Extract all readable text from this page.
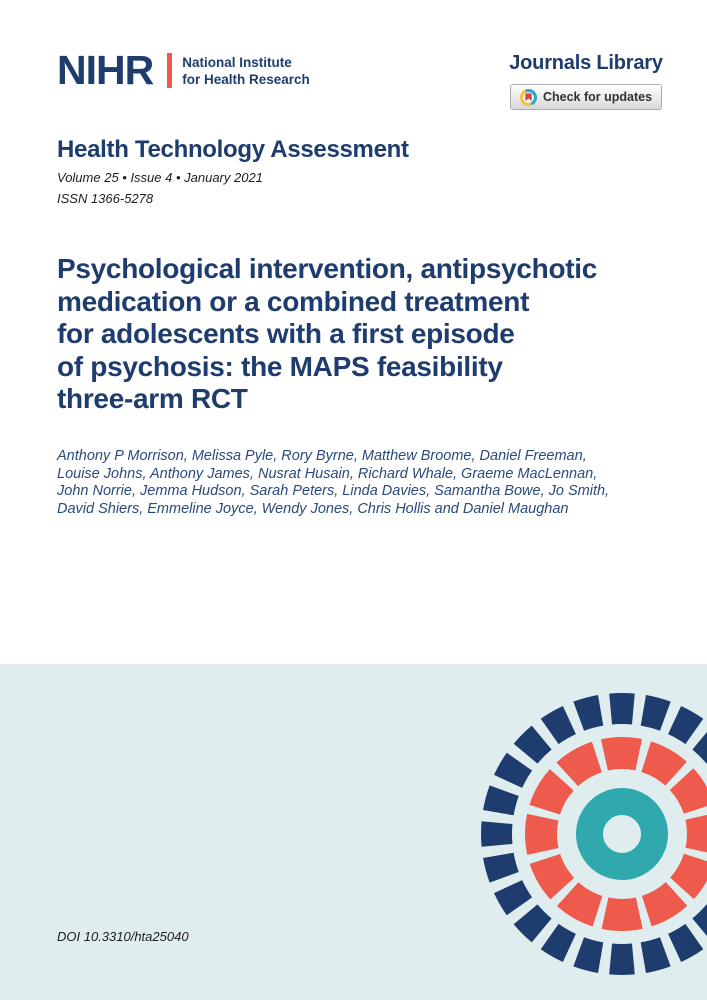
NIHR National Institute
for Health Research
Journals Library
Check for updates
Health Technology Assessment
Volume 25 • Issue 4 • January 2021
ISSN 1366-5278
Psychological intervention, antipsychotic
medication or a combined treatment
for adolescents with a first episode
of psychosis: the MAPS feasibility
three-arm RCT
Anthony P Morrison, Melissa Pyle, Rory Byrne, Matthew Broome, Daniel Freeman,
Louise Johns, Anthony James, Nusrat Husain, Richard Whale, Graeme MacLennan,
John Norrie, Jemma Hudson, Sarah Peters, Linda Davies, Samantha Bowe, Jo Smith,
David Shiers, Emmeline Joyce, Wendy Jones, Chris Hollis and Daniel Maughan
DOI 10.3310/hta25040
